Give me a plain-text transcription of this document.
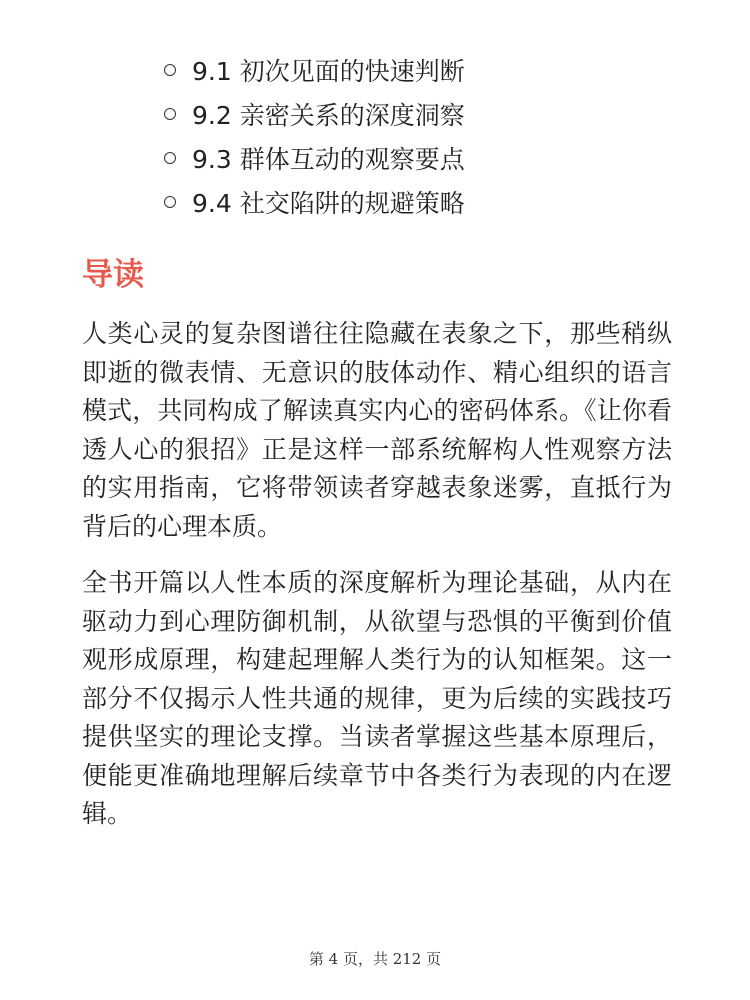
9.1 初次见面的快速判断
9.2 亲密关系的深度洞察
9.3 群体互动的观察要点
9.4 社交陷阱的规避策略
导读

人类心灵的复杂图谱往往隐藏在表象之下，那些稍纵即逝的微表情、无意识的肢体动作、精心组织的语言模式，共同构成了解读真实内心的密码体系。《让你看透人心的狠招》正是这样一部系统解构人性观察方法的实用指南，它将带领读者穿越表象迷雾，直抵行为背后的心理本质。

全书开篇以人性本质的深度解析为理论基础，从内在驱动力到心理防御机制，从欲望与恐惧的平衡到价值观形成原理，构建起理解人类行为的认知框架。这一部分不仅揭示人性共通的规律，更为后续的实践技巧提供坚实的理论支撑。当读者掌握这些基本原理后，便能更准确地理解后续章节中各类行为表现的内在逻辑。

第 4 页，共 212 页
